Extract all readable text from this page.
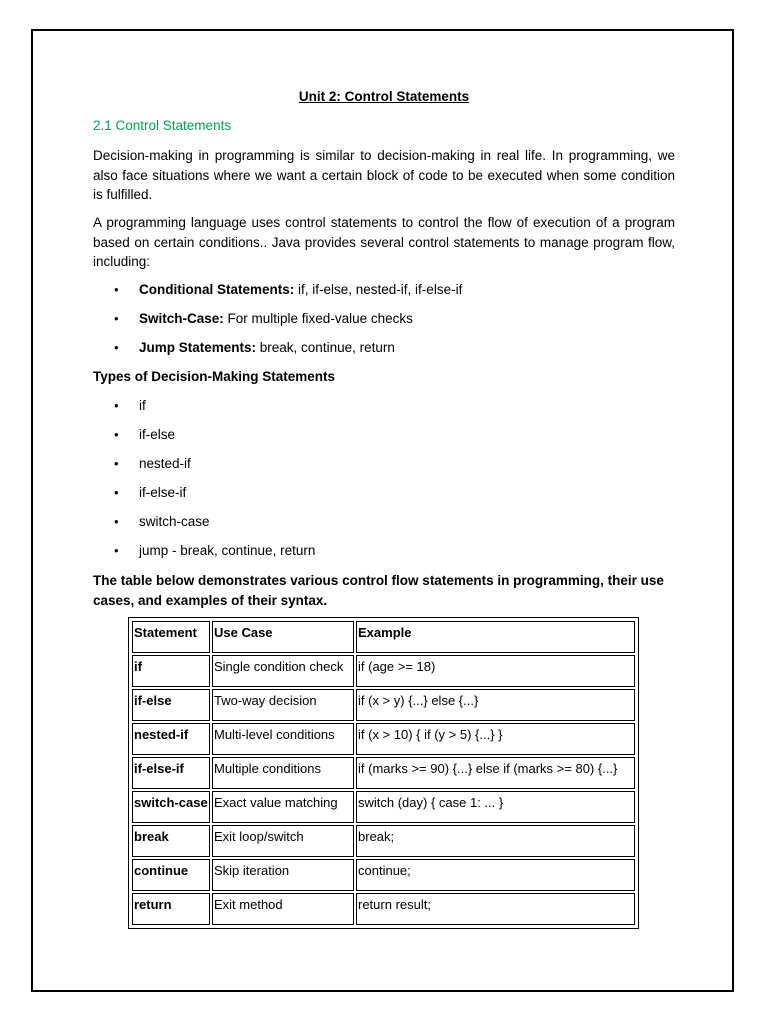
Unit 2: Control Statements
2.1 Control Statements

Decision-making in programming is similar to decision-making in real life. In programming, we also face situations where we want a certain block of code to be executed when some condition is fulfilled.

A programming language uses control statements to control the flow of execution of a program based on certain conditions.. Java provides several control statements to manage program flow, including:

• Conditional Statements: if, if-else, nested-if, if-else-if
• Switch-Case: For multiple fixed-value checks
• Jump Statements: break, continue, return
Types of Decision-Making Statements
• if
• if-else
• nested-if
• if-else-if
• switch-case
• jump - break, continue, return
The table below demonstrates various control flow statements in programming, their use cases, and examples of their syntax.
Statement	Use Case	Example
if	Single condition check	if (age >= 18)
if-else	Two-way decision	if (x > y) {...} else {...}
nested-if	Multi-level conditions	if (x > 10) { if (y > 5) {...} }
if-else-if	Multiple conditions	if (marks >= 90) {...} else if (marks >= 80) {...}
switch-case	Exact value matching	switch (day) { case 1: ... }
break	Exit loop/switch	break;
continue	Skip iteration	continue;
return	Exit method	return result;
